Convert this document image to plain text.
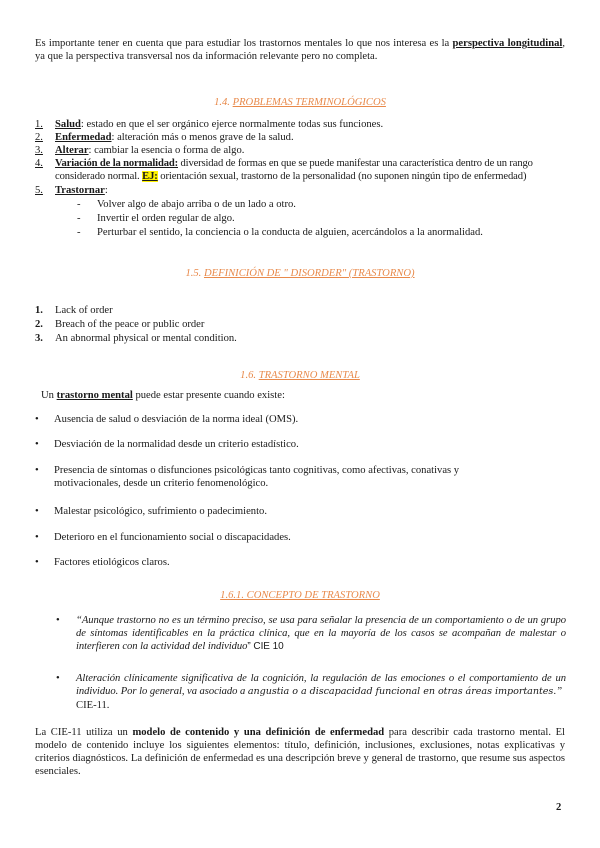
Es importante tener en cuenta que para estudiar los trastornos mentales lo que nos interesa es la perspectiva longitudinal, ya que la perspectiva transversal nos da información relevante pero no completa.
1.4. PROBLEMAS TERMINOLÓGICOS
1.	Salud: estado en que el ser orgánico ejerce normalmente todas sus funciones.
2.	Enfermedad: alteración más o menos grave de la salud.
3.	Alterar: cambiar la esencia o forma de algo.
4.	Variación de la normalidad: diversidad de formas en que se puede manifestar una característica dentro de un rango
considerado normal. EJ: orientación sexual, trastorno de la personalidad (no suponen ningún tipo de enfermedad)
5.	Trastornar:
- Volver algo de abajo arriba o de un lado a otro.
- Invertir el orden regular de algo.
- Perturbar el sentido, la conciencia o la conducta de alguien, acercándolos a la anormalidad.
1.5. DEFINICIÓN DE " DISORDER" (TRASTORNO)
1.	Lack of order
2.	Breach of the peace or public order
3.	An abnormal physical or mental condition.
1.6. TRASTORNO MENTAL
Un trastorno mental puede estar presente cuando existe:
• Ausencia de salud o desviación de la norma ideal (OMS).
• Desviación de la normalidad desde un criterio estadístico.
• Presencia de síntomas o disfunciones psicológicas tanto cognitivas, como afectivas, conativas y motivacionales, desde un criterio fenomenológico.
• Malestar psicológico, sufrimiento o padecimiento.
• Deterioro en el funcionamiento social o discapacidades.
• Factores etiológicos claros.
1.6.1. CONCEPTO DE TRASTORNO
• “Aunque trastorno no es un término preciso, se usa para señalar la presencia de un comportamiento o de un grupo de síntomas identificables en la práctica clínica, que en la mayoría de los casos se acompañan de malestar o interfieren con la actividad del individuo” CIE 10
• Alteración clínicamente significativa de la cognición, la regulación de las emociones o el comportamiento de un individuo. Por lo general, va asociado a angustia o a discapacidad funcional en otras áreas importantes.”
CIE-11.
La CIE-11 utiliza un modelo de contenido y una definición de enfermedad para describir cada trastorno mental. El modelo de contenido incluye los siguientes elementos: título, definición, inclusiones, exclusiones, notas explicativas y criterios diagnósticos. La definición de enfermedad es una descripción breve y general de trastorno, que resume sus aspectos esenciales.
2
